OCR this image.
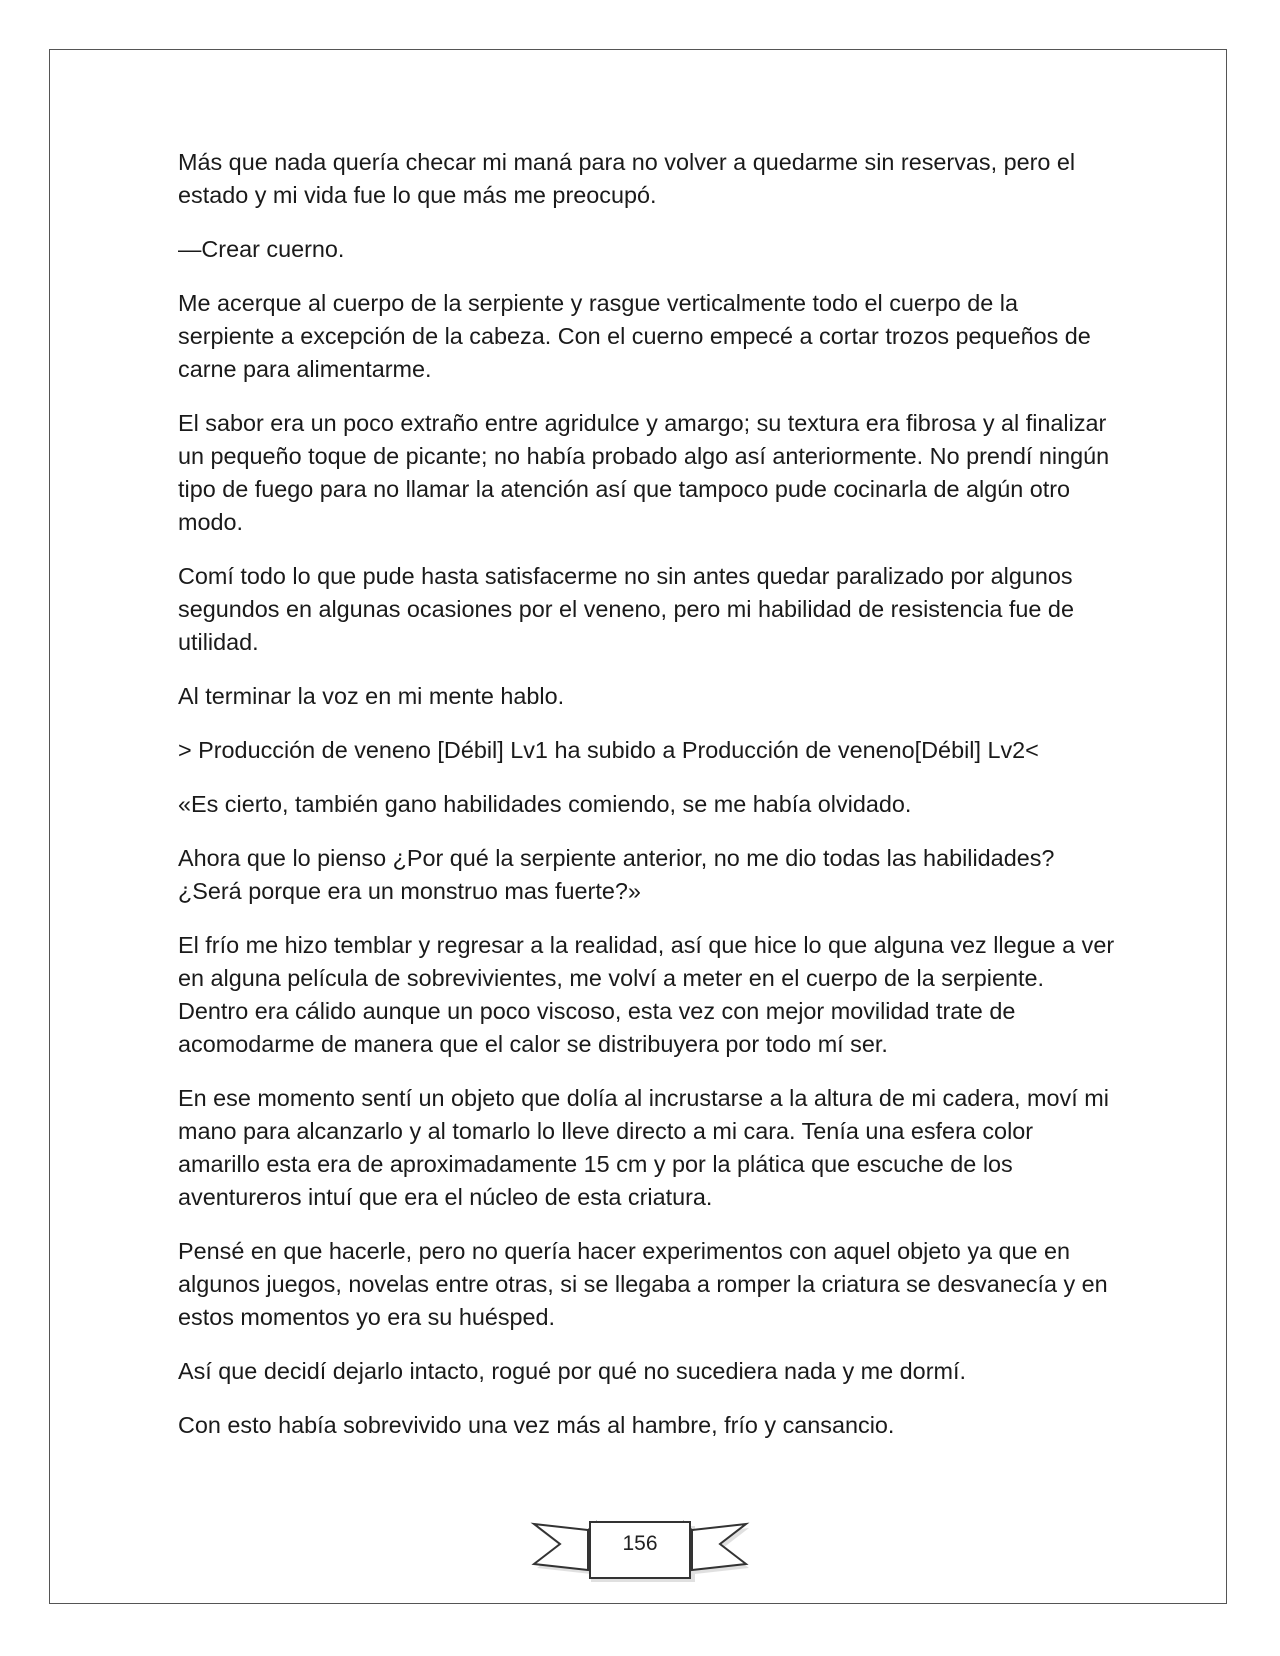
Más que nada quería checar mi maná para no volver a quedarme sin reservas, pero el estado y mi vida fue lo que más me preocupó.

—Crear cuerno.

Me acerque al cuerpo de la serpiente y rasgue verticalmente todo el cuerpo de la serpiente a excepción de la cabeza. Con el cuerno empecé a cortar trozos pequeños de carne para alimentarme.

El sabor era un poco extraño entre agridulce y amargo; su textura era fibrosa y al finalizar un pequeño toque de picante; no había probado algo así anteriormente. No prendí ningún tipo de fuego para no llamar la atención así que tampoco pude cocinarla de algún otro modo.

Comí todo lo que pude hasta satisfacerme no sin antes quedar paralizado por algunos segundos en algunas ocasiones por el veneno, pero mi habilidad de resistencia fue de utilidad.

Al terminar la voz en mi mente hablo.

> Producción de veneno [Débil] Lv1 ha subido a Producción de veneno[Débil] Lv2<

«Es cierto, también gano habilidades comiendo, se me había olvidado.

Ahora que lo pienso ¿Por qué la serpiente anterior, no me dio todas las habilidades? ¿Será porque era un monstruo mas fuerte?»

El frío me hizo temblar y regresar a la realidad, así que hice lo que alguna vez llegue a ver en alguna película de sobrevivientes, me volví a meter en el cuerpo de la serpiente. Dentro era cálido aunque un poco viscoso, esta vez con mejor movilidad trate de acomodarme de manera que el calor se distribuyera por todo mí ser.

En ese momento sentí un objeto que dolía al incrustarse a la altura de mi cadera, moví mi mano para alcanzarlo y al tomarlo lo lleve directo a mi cara. Tenía una esfera color amarillo esta era de aproximadamente 15 cm y por la plática que escuche de los aventureros intuí que era el núcleo de esta criatura.

Pensé en que hacerle, pero no quería hacer experimentos con aquel objeto ya que en algunos juegos, novelas entre otras, si se llegaba a romper la criatura se desvanecía y en estos momentos yo era su huésped.

Así que decidí dejarlo intacto, rogué por qué no sucediera nada y me dormí.

Con esto había sobrevivido una vez más al hambre, frío y cansancio.

156
